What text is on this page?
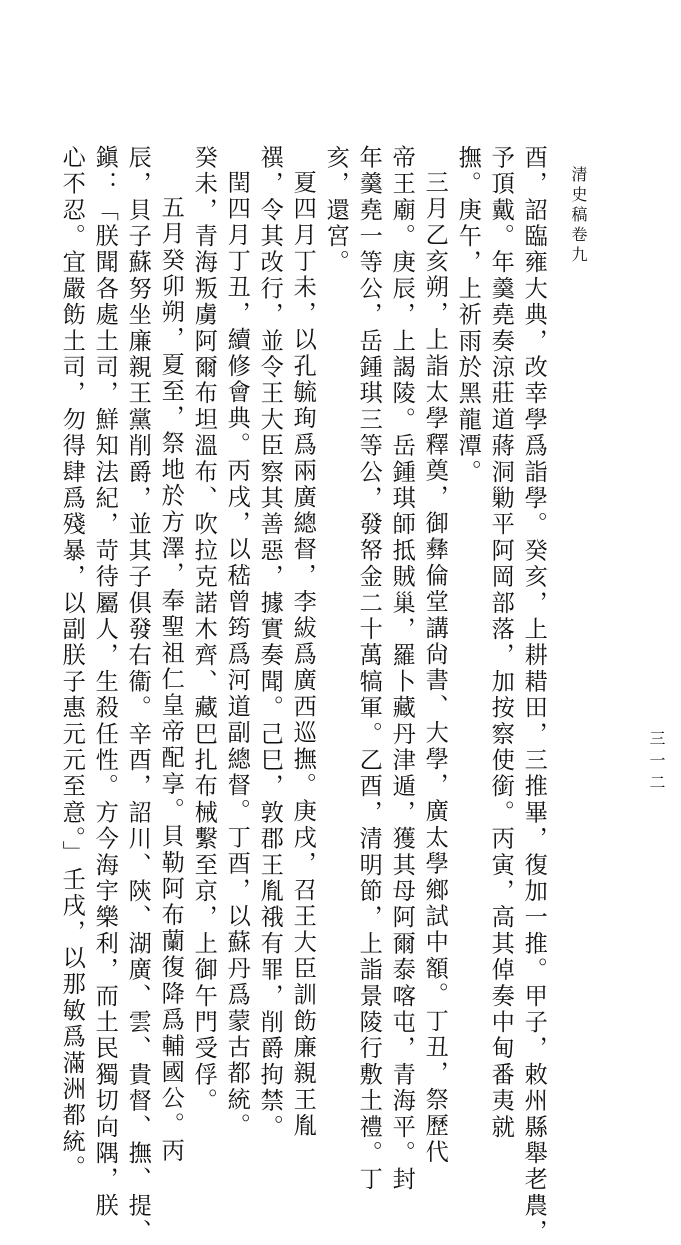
清史稿卷九
三一二
酉，詔臨雍大典，改幸學爲詣學。癸亥，上耕耤田，三推畢，復加一推。甲子，敕州縣舉老農，
予頂戴。年羹堯奏涼莊道蔣洞勦平阿岡部落，加按察使銜。丙寅，高其倬奏中甸番夷就
撫。庚午，上祈雨於黑龍潭。
三月乙亥朔，上詣太學釋奠，御彝倫堂講尙書、大學，廣太學鄉試中額。丁丑，祭歷代
帝王廟。庚辰，上謁陵。岳鍾琪師抵賊巢，羅卜藏丹津遁，獲其母阿爾泰喀屯，青海平。封
年羹堯一等公，岳鍾琪三等公，發帑金二十萬犒軍。乙酉，清明節，上詣景陵行敷土禮。丁
亥，還宮。
夏四月丁未，以孔毓珣爲兩廣總督，李紱爲廣西巡撫。庚戌，召王大臣訓飭廉親王胤
禩，令其改行，並令王大臣察其善惡，據實奏聞。己巳，敦郡王胤䄉有罪，削爵拘禁。
閏四月丁丑，續修會典。丙戌，以嵇曾筠爲河道副總督。丁酉，以蘇丹爲蒙古都統。
癸未，青海叛虜阿爾布坦溫布、吹拉克諾木齊、藏巴扎布械繫至京，上御午門受俘。
五月癸卯朔，夏至，祭地於方澤，奉聖祖仁皇帝配享。貝勒阿布蘭復降爲輔國公。丙
辰，貝子蘇努坐廉親王黨削爵，並其子俱發右衞。辛酉，詔川、陝、湖廣、雲、貴督、撫、提、
鎭：「朕聞各處土司，鮮知法紀，苛待屬人，生殺任性。方今海宇樂利，而土民獨切向隅，朕
心不忍。宜嚴飭土司，勿得肆爲殘暴，以副朕子惠元元至意。」壬戌，以那敏爲滿洲都統。
